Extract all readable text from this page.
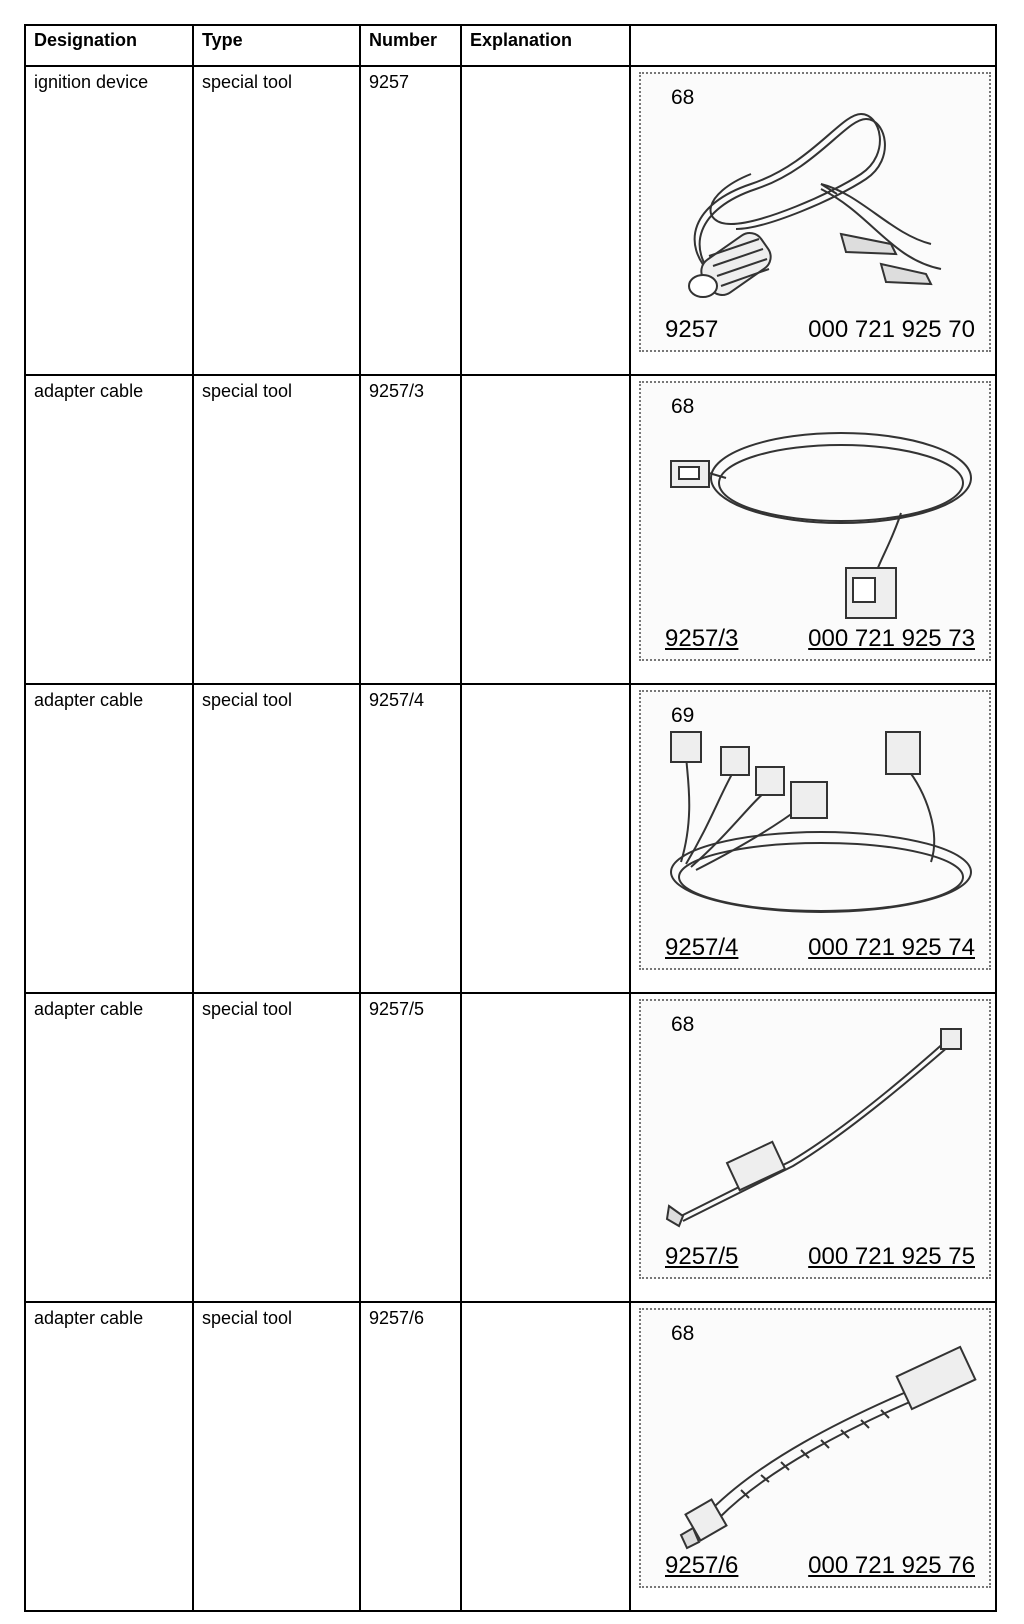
Designation	Type	Number	Explanation	
ignition device	special tool	9257		68
9257 000 721 925 70

adapter cable	special tool	9257/3		68
9257/3 000 721 925 73

adapter cable	special tool	9257/4		69
9257/4 000 721 925 74

adapter cable	special tool	9257/5		68
9257/5 000 721 925 75

adapter cable	special tool	9257/6		68
9257/6 000 721 925 76
